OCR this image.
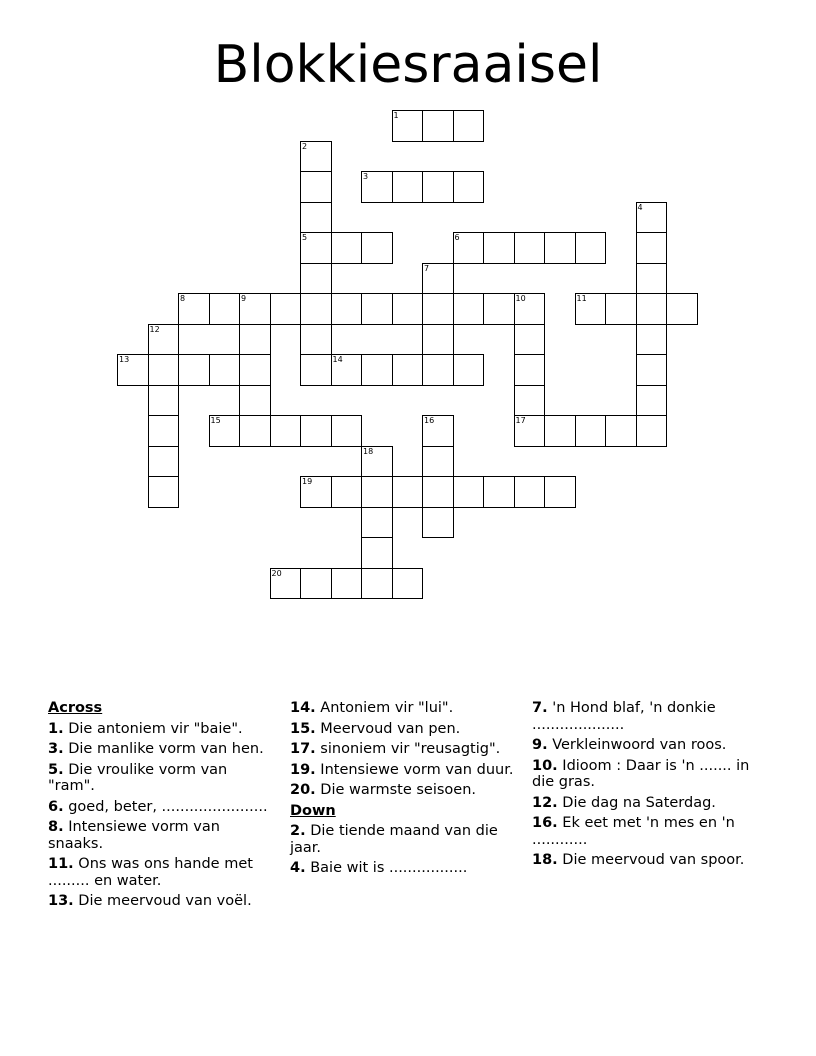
Blokkiesraaisel
1
2
5
3
4
6
7
8	9	10	11
12
13	14
15	16	17
18
19
20
Across
1. Die antoniem vir "baie".
3. Die manlike vorm van hen.
5. Die vroulike vorm van "ram".
6. goed, beter, .......................
8. Intensiewe vorm van snaaks.
11. Ons was ons hande met ......... en water.
13. Die meervoud van voël.
14. Antoniem vir "lui".
15. Meervoud van pen.
17. sinoniem vir "reusagtig".
19. Intensiewe vorm van duur.
20. Die warmste seisoen.
Down
2. Die tiende maand van die jaar.
4. Baie wit is .................
7. 'n Hond blaf, 'n donkie ....................
9. Verkleinwoord van roos.
10. Idioom : Daar is 'n ....... in die gras.
12. Die dag na Saterdag.
16. Ek eet met 'n mes en 'n ............
18. Die meervoud van spoor.
